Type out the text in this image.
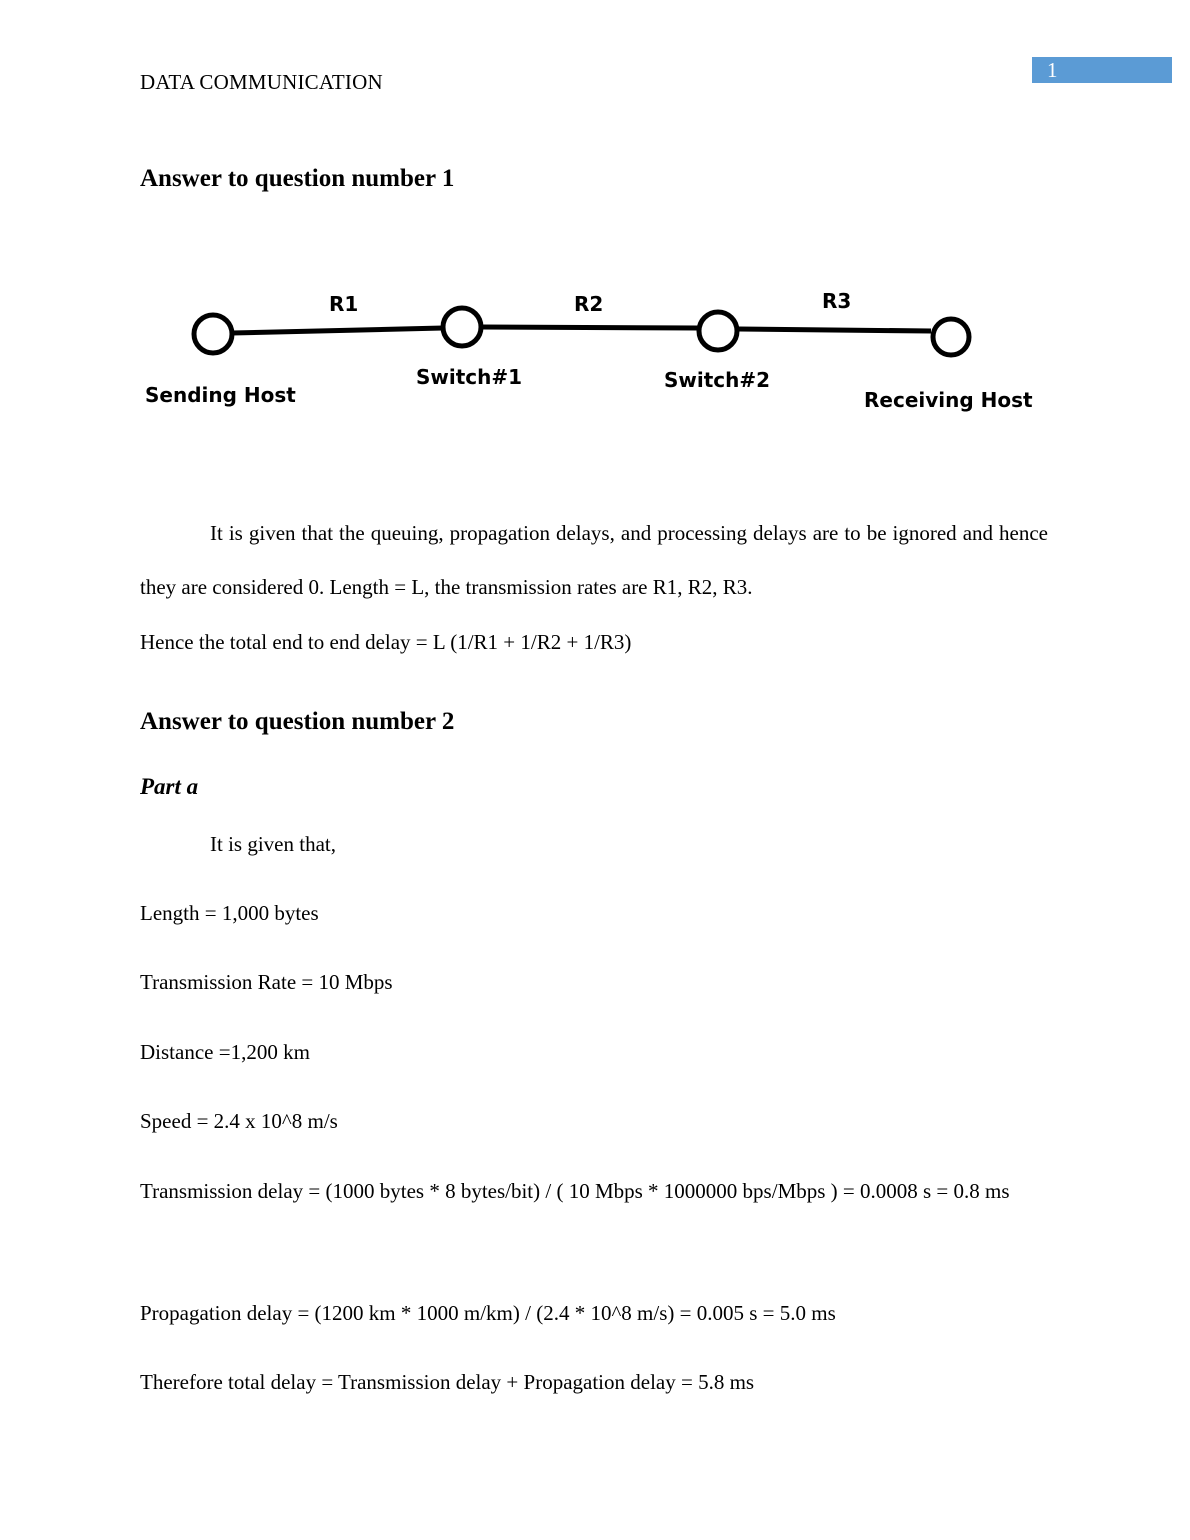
DATA COMMUNICATION	1
Answer to question number 1
R1	R2	R3
Sending Host
Switch#1	Switch#2
Receiving Host

It is given that the queuing, propagation delays, and processing delays are to be ignored and hence they are considered 0. Length = L, the transmission rates are R1, R2, R3.

Hence the total end to end delay = L (1/R1 + 1/R2 + 1/R3)
Answer to question number 2
Part a
It is given that,
Length = 1,000 bytes
Transmission Rate = 10 Mbps
Distance =1,200 km
Speed = 2.4 x 10^8 m/s
Transmission delay = (1000 bytes * 8 bytes/bit) / ( 10 Mbps * 1000000 bps/Mbps ) = 0.0008 s = 0.8 ms
Propagation delay = (1200 km * 1000 m/km) / (2.4 * 10^8 m/s) = 0.005 s = 5.0 ms
Therefore total delay = Transmission delay + Propagation delay = 5.8 ms
